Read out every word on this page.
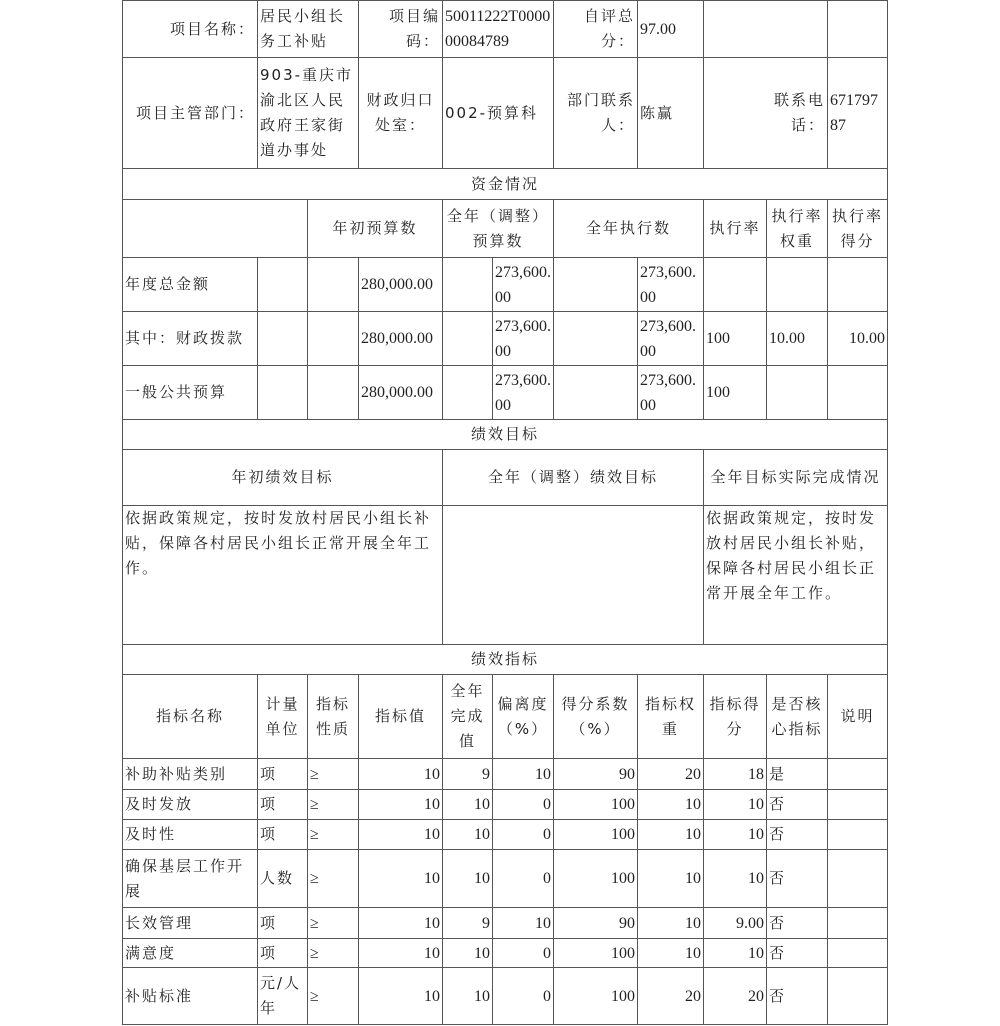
项目名称：	居民小组长务工补贴		项目编码：	50011222T000000084789		自评总分：	97.00			
项目主管部门：	903-重庆市渝北区人民政府王家街道办事处		财政归口处室：	002-预算科		部门联系人：	陈赢	联系电话：		67179787
资金情况										
		年初预算数		全年（调整）预算数		全年执行数		执行率	执行率权重	执行率得分
年度总金额			280,000.00		273,600.00		273,600.00			
其中：财政拨款			280,000.00		273,600.00		273,600.00	100	10.00	10.00
一般公共预算			280,000.00		273,600.00		273,600.00	100		
绩效目标										
年初绩效目标				全年（调整）绩效目标				全年目标实际完成情况		
依据政策规定，按时发放村居民小组长补贴，保障各村居民小组长正常开展全年工作。								依据政策规定，按时发放村居民小组长补贴，保障各村居民小组长正常开展全年工作。		
绩效指标										
指标名称	计量单位	指标性质	指标值	全年完成值	偏离度（%）	得分系数（%）	指标权重	指标得分	是否核心指标	说明
补助补贴类别	项	≥	10	9	10	90	20	18	是	
及时发放	项	≥	10	10	0	100	10	10	否	
及时性	项	≥	10	10	0	100	10	10	否	
确保基层工作开展	人数	≥	10	10	0	100	10	10	否	
长效管理	项	≥	10	9	10	90	10	9.00	否	
满意度	项	≥	10	10	0	100	10	10	否	
补贴标准	元/人年	≥	10	10	0	100	20	20	否	
